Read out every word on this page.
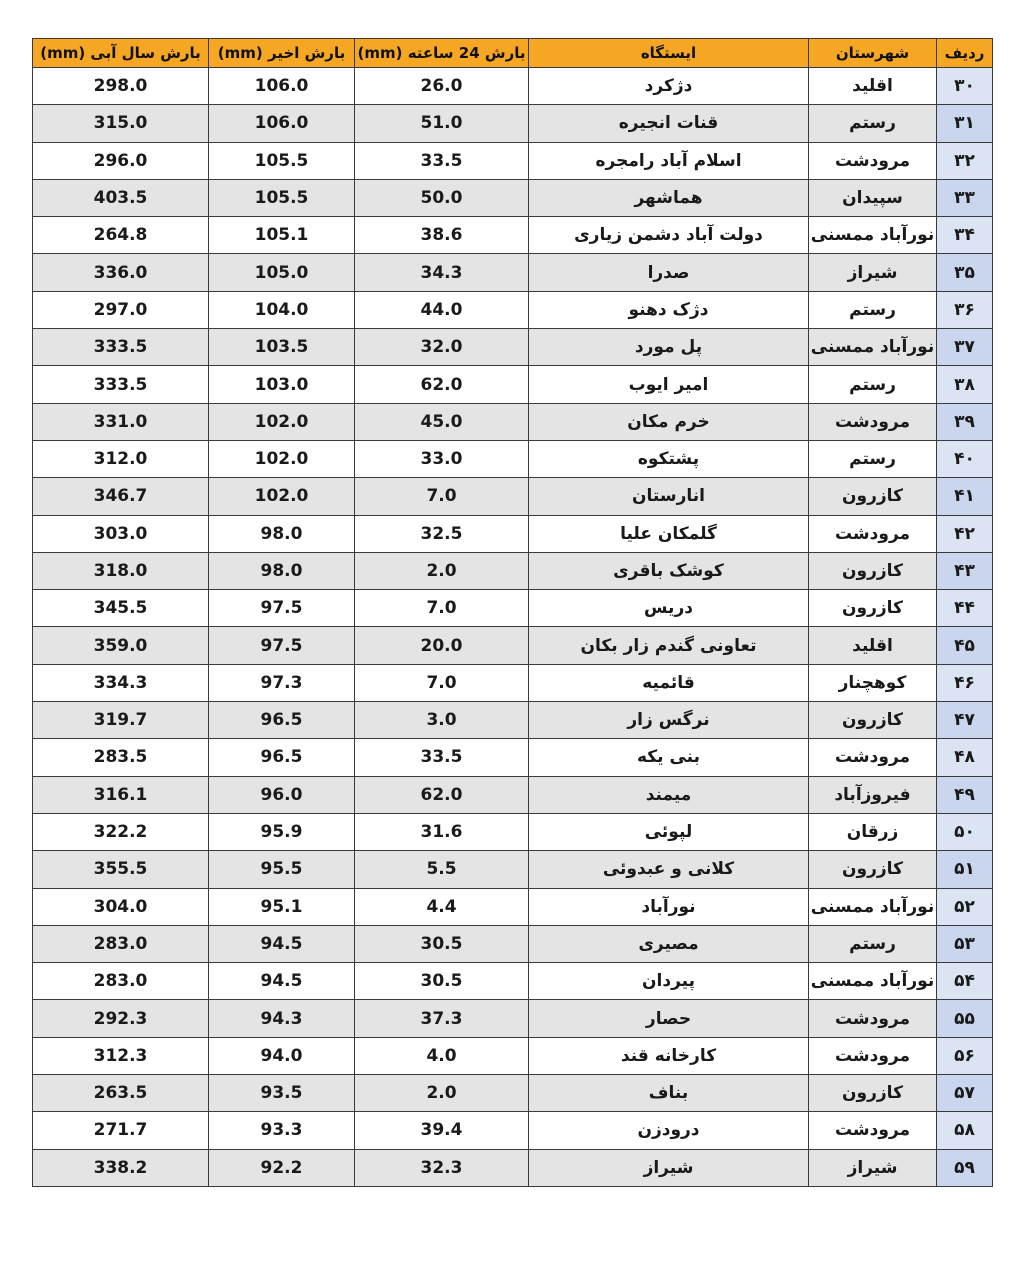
بارش سال آبی (mm)	بارش اخیر (mm)	بارش 24 ساعته (mm)	ایستگاه	شهرستان	ردیف
298.0	106.0	26.0	دژکرد	اقلید	۳۰
315.0	106.0	51.0	قنات انجیره	رستم	۳۱
296.0	105.5	33.5	اسلام آباد رامجره	مرودشت	۳۲
403.5	105.5	50.0	هماشهر	سپیدان	۳۳
264.8	105.1	38.6	دولت آباد دشمن زیاری	نورآباد ممسنی	۳۴
336.0	105.0	34.3	صدرا	شیراز	۳۵
297.0	104.0	44.0	دژک دهنو	رستم	۳۶
333.5	103.5	32.0	پل مورد	نورآباد ممسنی	۳۷
333.5	103.0	62.0	امیر ایوب	رستم	۳۸
331.0	102.0	45.0	خرم مکان	مرودشت	۳۹
312.0	102.0	33.0	پشتکوه	رستم	۴۰
346.7	102.0	7.0	انارستان	کازرون	۴۱
303.0	98.0	32.5	گلمکان علیا	مرودشت	۴۲
318.0	98.0	2.0	کوشک باقری	کازرون	۴۳
345.5	97.5	7.0	دریس	کازرون	۴۴
359.0	97.5	20.0	تعاونی گندم زار بکان	اقلید	۴۵
334.3	97.3	7.0	قائمیه	کوهچنار	۴۶
319.7	96.5	3.0	نرگس زار	کازرون	۴۷
283.5	96.5	33.5	بنی یکه	مرودشت	۴۸
316.1	96.0	62.0	میمند	فیروزآباد	۴۹
322.2	95.9	31.6	لپوئی	زرقان	۵۰
355.5	95.5	5.5	کلانی و عبدوئی	کازرون	۵۱
304.0	95.1	4.4	نورآباد	نورآباد ممسنی	۵۲
283.0	94.5	30.5	مصیری	رستم	۵۳
283.0	94.5	30.5	پیردان	نورآباد ممسنی	۵۴
292.3	94.3	37.3	حصار	مرودشت	۵۵
312.3	94.0	4.0	کارخانه قند	مرودشت	۵۶
263.5	93.5	2.0	بناف	کازرون	۵۷
271.7	93.3	39.4	درودزن	مرودشت	۵۸
338.2	92.2	32.3	شیراز	شیراز	۵۹
